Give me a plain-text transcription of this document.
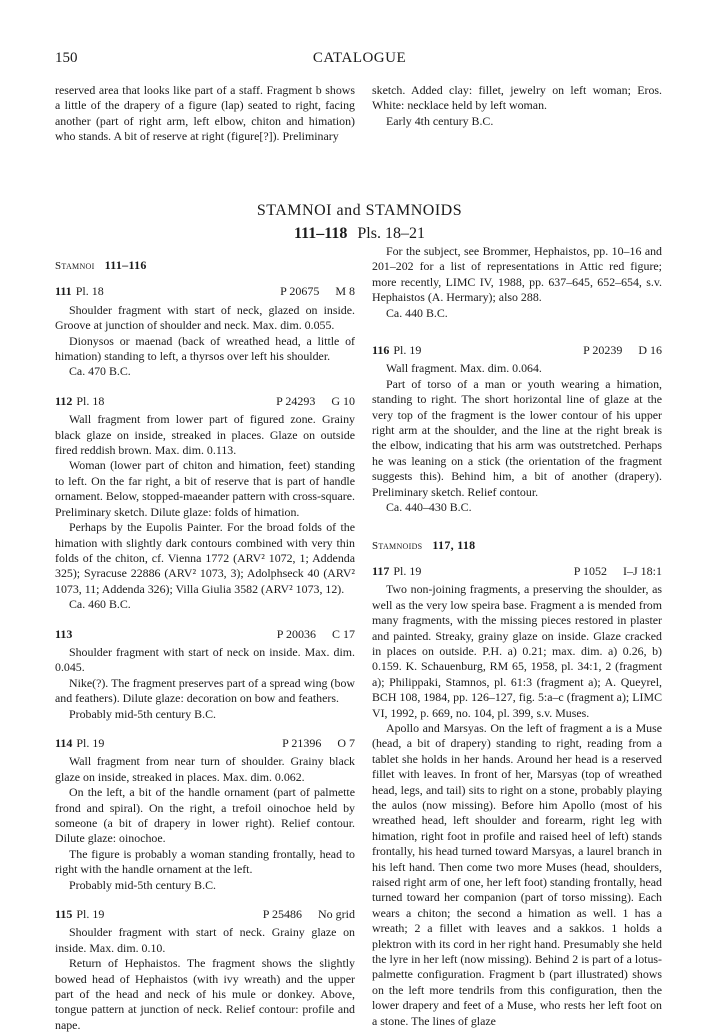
150	CATALOGUE

reserved area that looks like part of a staff. Fragment b shows a little of the drapery of a figure (lap) seated to right, facing another (part of right arm, left elbow, chiton and himation) who stands. A bit of reserve at right (figure[?]). Preliminary

sketch. Added clay: fillet, jewelry on left woman; Eros. White: necklace held by left woman.

Early 4th century B.C.

STAMNOI and STAMNOIDS
111–118 Pls. 18–21
Stamnoi 111–116
111 Pl. 18	P 20675 M 8

Shoulder fragment with start of neck, glazed on inside. Groove at junction of shoulder and neck. Max. dim. 0.055.

Dionysos or maenad (back of wreathed head, a little of himation) standing to left, a thyrsos over left his shoulder.

Ca. 470 B.C.

112 Pl. 18	P 24293 G 10

Wall fragment from lower part of figured zone. Grainy black glaze on inside, streaked in places. Glaze on outside fired reddish brown. Max. dim. 0.113.

Woman (lower part of chiton and himation, feet) standing to left. On the far right, a bit of reserve that is part of handle ornament. Below, stopped-maeander pattern with cross-square. Preliminary sketch. Dilute glaze: folds of himation.

Perhaps by the Eupolis Painter. For the broad folds of the himation with slightly dark contours combined with very thin folds of the chiton, cf. Vienna 1772 (ARV² 1072, 1; Addenda 325); Syracuse 22886 (ARV² 1073, 3); Adolphseck 40 (ARV² 1073, 11; Addenda 326); Villa Giulia 3582 (ARV² 1073, 12).

Ca. 460 B.C.

113	P 20036 C 17

Shoulder fragment with start of neck on inside. Max. dim. 0.045.

Nike(?). The fragment preserves part of a spread wing (bow and feathers). Dilute glaze: decoration on bow and feathers.

Probably mid-5th century B.C.

114 Pl. 19	P 21396 O 7

Wall fragment from near turn of shoulder. Grainy black glaze on inside, streaked in places. Max. dim. 0.062.

On the left, a bit of the handle ornament (part of palmette frond and spiral). On the right, a trefoil oinochoe held by someone (a bit of drapery in lower right). Relief contour. Dilute glaze: oinochoe.

The figure is probably a woman standing frontally, head to right with the handle ornament at the left.

Probably mid-5th century B.C.

115 Pl. 19	P 25486 No grid

Shoulder fragment with start of neck. Grainy glaze on inside. Max. dim. 0.10.

Return of Hephaistos. The fragment shows the slightly bowed head of Hephaistos (with ivy wreath) and the upper part of the head and neck of his mule or donkey. Above, tongue pattern at junction of neck. Relief contour: profile and nape.

For the subject, see Brommer, Hephaistos, pp. 10–16 and 201–202 for a list of representations in Attic red figure; more recently, LIMC IV, 1988, pp. 637–645, 652–654, s.v. Hephaistos (A. Hermary); also 288.

Ca. 440 B.C.

116 Pl. 19	P 20239 D 16

Wall fragment. Max. dim. 0.064.

Part of torso of a man or youth wearing a himation, standing to right. The short horizontal line of glaze at the very top of the fragment is the lower contour of his upper right arm at the shoulder, and the line at the right break is the elbow, indicating that his arm was outstretched. Perhaps he was leaning on a stick (the orientation of the fragment suggests this). Behind him, a bit of another (drapery). Preliminary sketch. Relief contour.

Ca. 440–430 B.C.

Stamnoids 117, 118
117 Pl. 19	P 1052 I–J 18:1

Two non-joining fragments, a preserving the shoulder, as well as the very low speira base. Fragment a is mended from many fragments, with the missing pieces restored in plaster and painted. Streaky, grainy glaze on inside. Glaze cracked in places on outside. P.H. a) 0.21; max. dim. a) 0.26, b) 0.159. K. Schauenburg, RM 65, 1958, pl. 34:1, 2 (fragment a); Philippaki, Stamnos, pl. 61:3 (fragment a); A. Queyrel, BCH 108, 1984, pp. 126–127, fig. 5:a–c (fragment a); LIMC VI, 1992, p. 669, no. 104, pl. 399, s.v. Muses.

Apollo and Marsyas. On the left of fragment a is a Muse (head, a bit of drapery) standing to right, reading from a tablet she holds in her hands. Around her head is a reserved fillet with leaves. In front of her, Marsyas (top of wreathed head, legs, and tail) sits to right on a stone, probably playing the aulos (now missing). Before him Apollo (most of his wreathed head, left shoulder and forearm, right leg with himation, right foot in profile and raised heel of left) stands frontally, his head turned toward Marsyas, a laurel branch in his left hand. Then come two more Muses (head, shoulders, raised right arm of one, her left foot) standing frontally, head turned toward her companion (part of torso missing). Each wears a chiton; the second a himation as well. 1 has a wreath; 2 a fillet with leaves and a sakkos. 1 holds a plektron with its cord in her right hand. Presumably she held the lyre in her left (now missing). Behind 2 is part of a lotus-palmette configuration. Fragment b (part illustrated) shows on the left more tendrils from this configuration, then the lower drapery and feet of a Muse, who rests her left foot on a stone. The lines of glaze
